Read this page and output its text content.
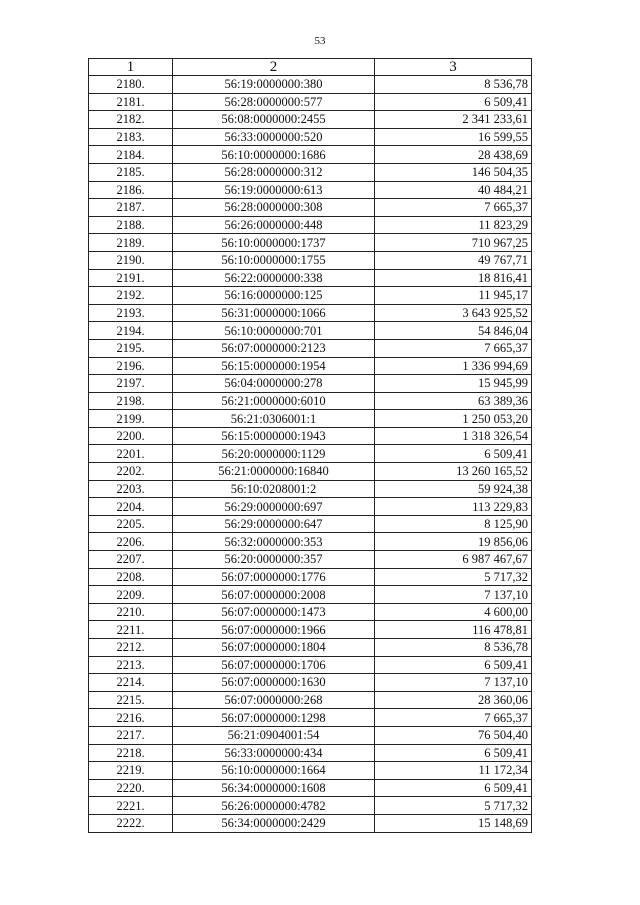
53
1	2	3
2180.	56:19:0000000:380	8 536,78
2181.	56:28:0000000:577	6 509,41
2182.	56:08:0000000:2455	2 341 233,61
2183.	56:33:0000000:520	16 599,55
2184.	56:10:0000000:1686	28 438,69
2185.	56:28:0000000:312	146 504,35
2186.	56:19:0000000:613	40 484,21
2187.	56:28:0000000:308	7 665,37
2188.	56:26:0000000:448	11 823,29
2189.	56:10:0000000:1737	710 967,25
2190.	56:10:0000000:1755	49 767,71
2191.	56:22:0000000:338	18 816,41
2192.	56:16:0000000:125	11 945,17
2193.	56:31:0000000:1066	3 643 925,52
2194.	56:10:0000000:701	54 846,04
2195.	56:07:0000000:2123	7 665,37
2196.	56:15:0000000:1954	1 336 994,69
2197.	56:04:0000000:278	15 945,99
2198.	56:21:0000000:6010	63 389,36
2199.	56:21:0306001:1	1 250 053,20
2200.	56:15:0000000:1943	1 318 326,54
2201.	56:20:0000000:1129	6 509,41
2202.	56:21:0000000:16840	13 260 165,52
2203.	56:10:0208001:2	59 924,38
2204.	56:29:0000000:697	113 229,83
2205.	56:29:0000000:647	8 125,90
2206.	56:32:0000000:353	19 856,06
2207.	56:20:0000000:357	6 987 467,67
2208.	56:07:0000000:1776	5 717,32
2209.	56:07:0000000:2008	7 137,10
2210.	56:07:0000000:1473	4 600,00
2211.	56:07:0000000:1966	116 478,81
2212.	56:07:0000000:1804	8 536,78
2213.	56:07:0000000:1706	6 509,41
2214.	56:07:0000000:1630	7 137,10
2215.	56:07:0000000:268	28 360,06
2216.	56:07:0000000:1298	7 665,37
2217.	56:21:0904001:54	76 504,40
2218.	56:33:0000000:434	6 509,41
2219.	56:10:0000000:1664	11 172,34
2220.	56:34:0000000:1608	6 509,41
2221.	56:26:0000000:4782	5 717,32
2222.	56:34:0000000:2429	15 148,69
